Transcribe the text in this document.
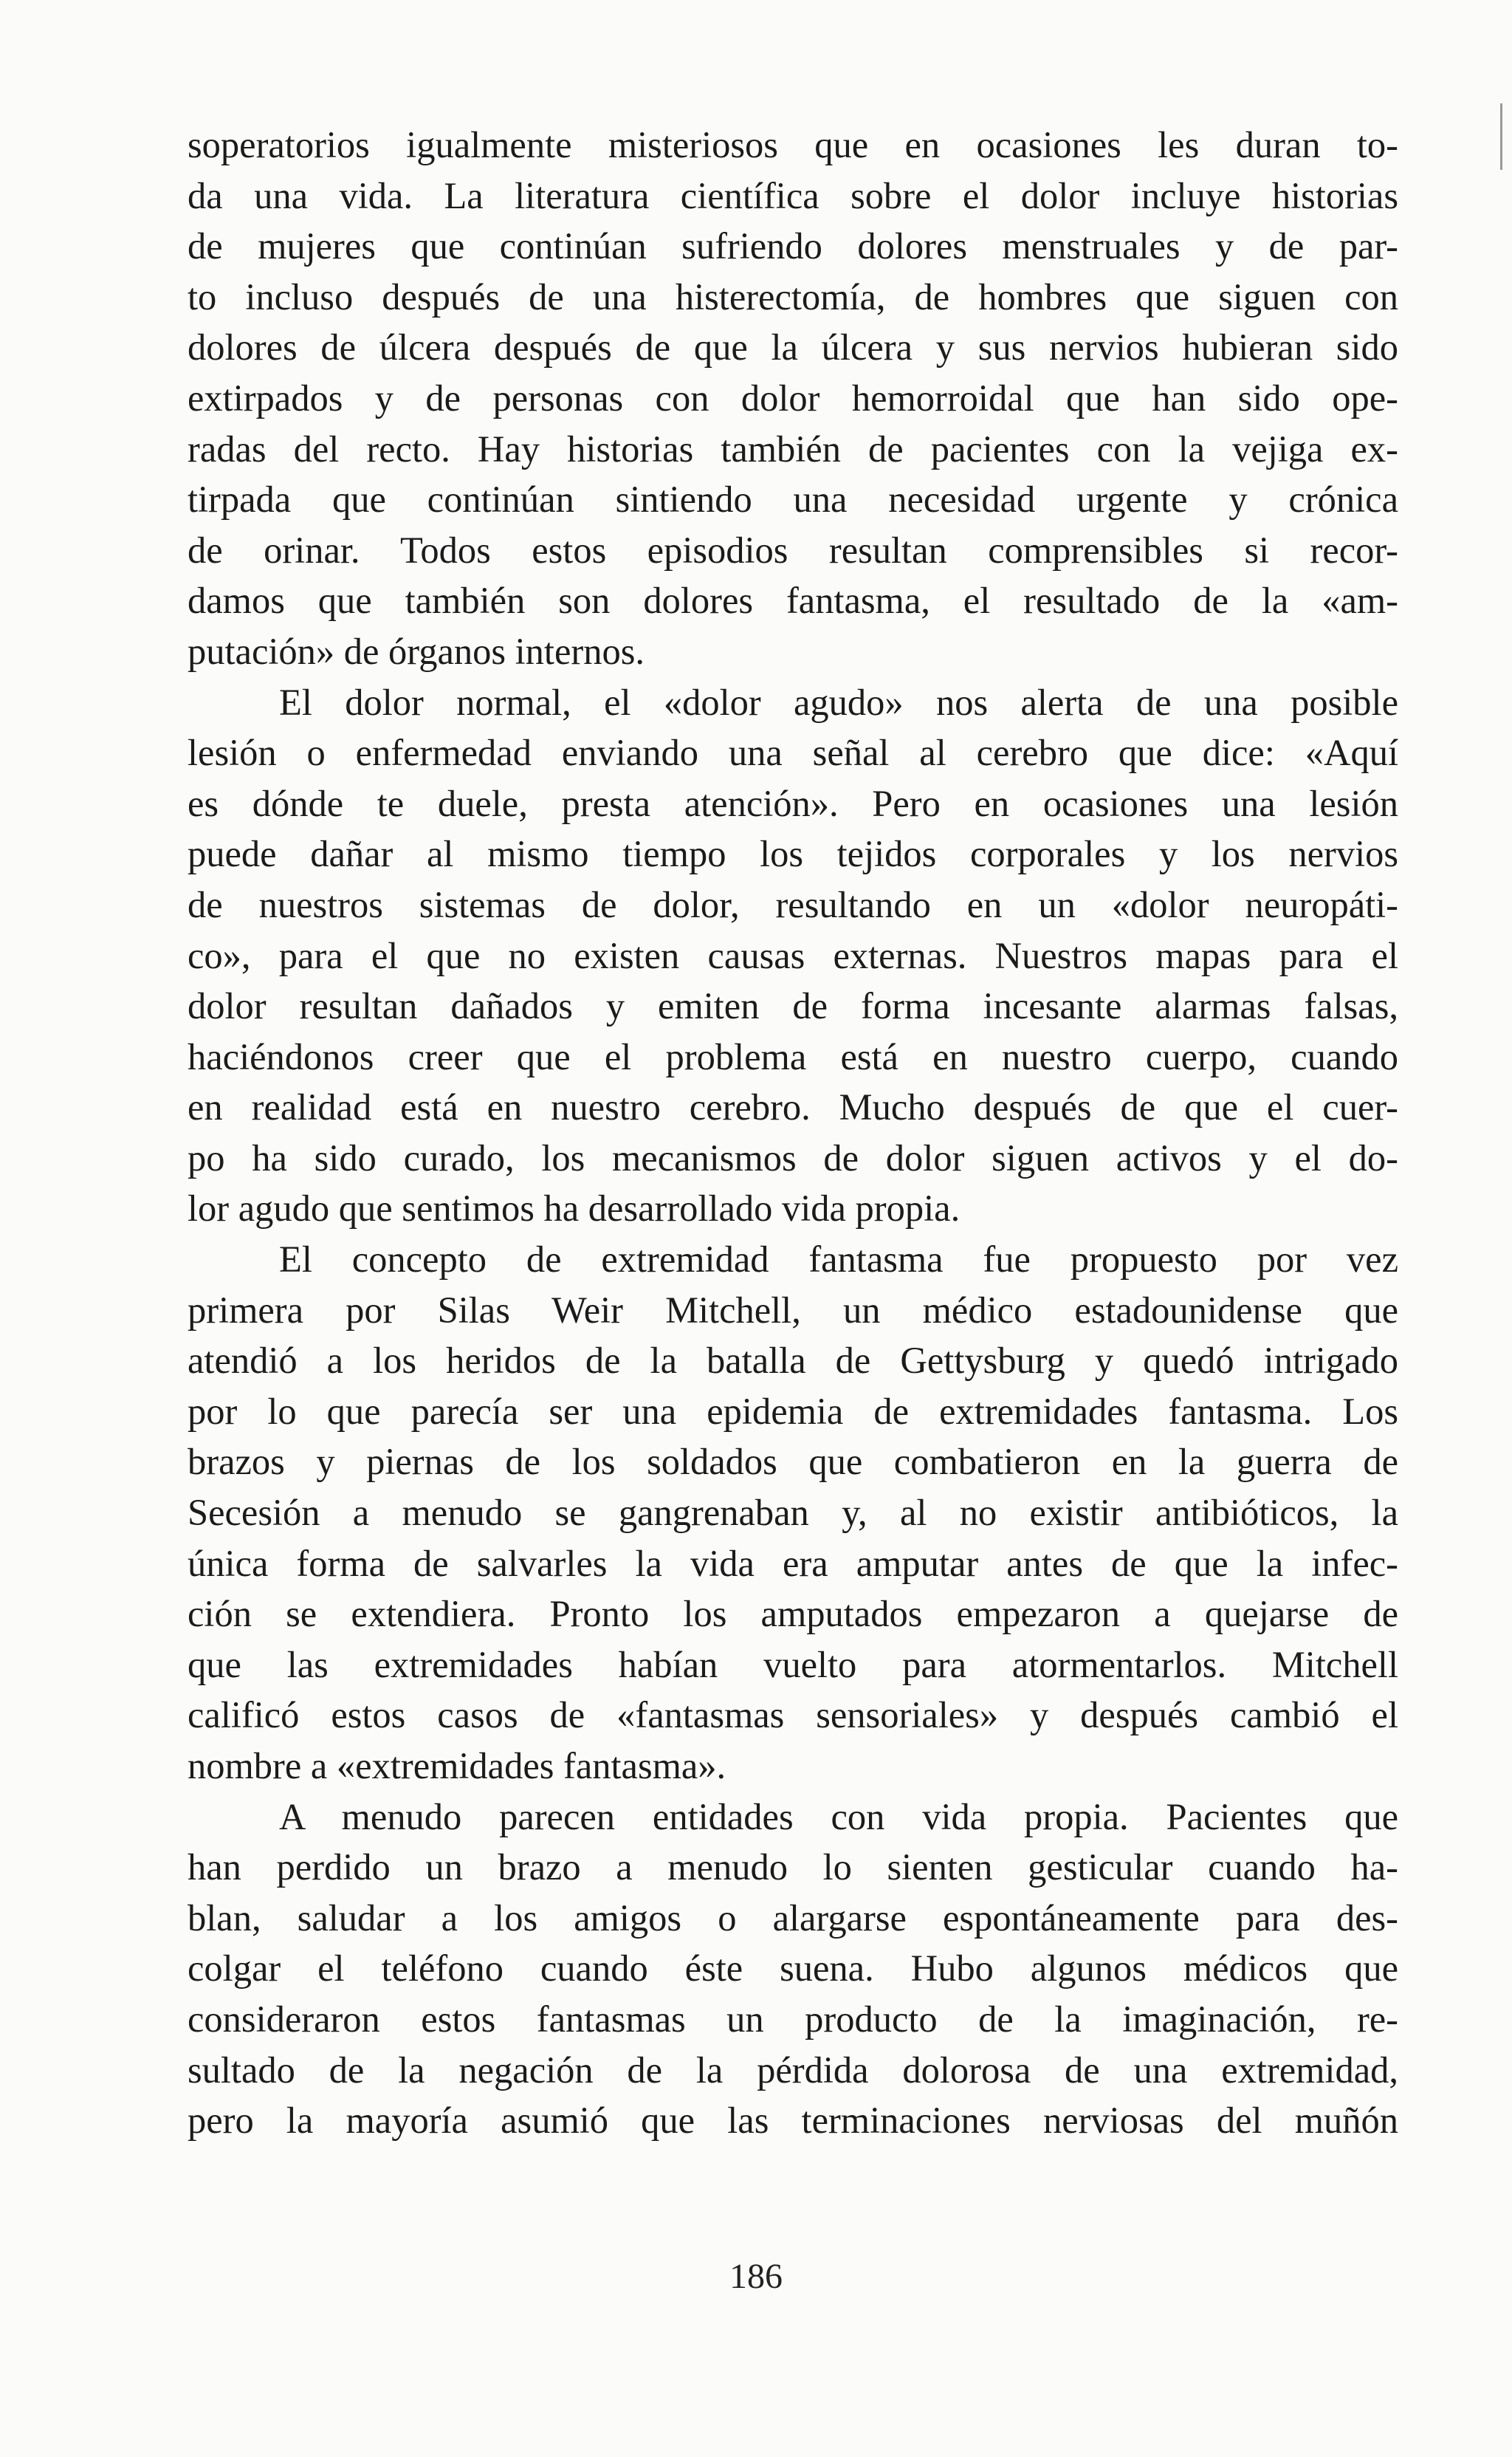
soperatorios igualmente misteriosos que en ocasiones les duran to-
da una vida. La literatura científica sobre el dolor incluye historias
de mujeres que continúan sufriendo dolores menstruales y de par-
to incluso después de una histerectomía, de hombres que siguen con
dolores de úlcera después de que la úlcera y sus nervios hubieran sido
extirpados y de personas con dolor hemorroidal que han sido ope-
radas del recto. Hay historias también de pacientes con la vejiga ex-
tirpada que continúan sintiendo una necesidad urgente y crónica
de orinar. Todos estos episodios resultan comprensibles si recor-
damos que también son dolores fantasma, el resultado de la «am-
putación» de órganos internos.
El dolor normal, el «dolor agudo» nos alerta de una posible
lesión o enfermedad enviando una señal al cerebro que dice: «Aquí
es dónde te duele, presta atención». Pero en ocasiones una lesión
puede dañar al mismo tiempo los tejidos corporales y los nervios
de nuestros sistemas de dolor, resultando en un «dolor neuropáti-
co», para el que no existen causas externas. Nuestros mapas para el
dolor resultan dañados y emiten de forma incesante alarmas falsas,
haciéndonos creer que el problema está en nuestro cuerpo, cuando
en realidad está en nuestro cerebro. Mucho después de que el cuer-
po ha sido curado, los mecanismos de dolor siguen activos y el do-
lor agudo que sentimos ha desarrollado vida propia.
El concepto de extremidad fantasma fue propuesto por vez
primera por Silas Weir Mitchell, un médico estadounidense que
atendió a los heridos de la batalla de Gettysburg y quedó intrigado
por lo que parecía ser una epidemia de extremidades fantasma. Los
brazos y piernas de los soldados que combatieron en la guerra de
Secesión a menudo se gangrenaban y, al no existir antibióticos, la
única forma de salvarles la vida era amputar antes de que la infec-
ción se extendiera. Pronto los amputados empezaron a quejarse de
que las extremidades habían vuelto para atormentarlos. Mitchell
calificó estos casos de «fantasmas sensoriales» y después cambió el
nombre a «extremidades fantasma».
A menudo parecen entidades con vida propia. Pacientes que
han perdido un brazo a menudo lo sienten gesticular cuando ha-
blan, saludar a los amigos o alargarse espontáneamente para des-
colgar el teléfono cuando éste suena. Hubo algunos médicos que
consideraron estos fantasmas un producto de la imaginación, re-
sultado de la negación de la pérdida dolorosa de una extremidad,
pero la mayoría asumió que las terminaciones nerviosas del muñón
186
